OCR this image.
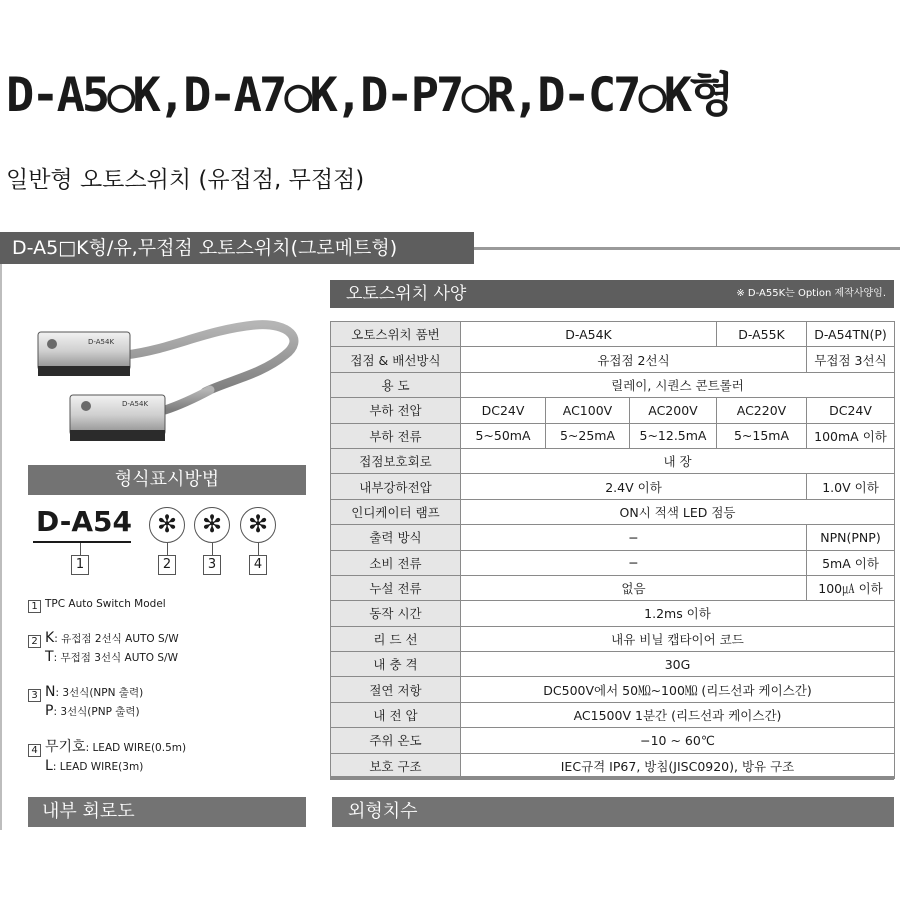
D-A5○K,D-A7○K,D-P7○R,D-C7○K형
일반형 오토스위치 (유접점, 무접점)
D-A5□K형/유,무접점 오토스위치(그로메트형)
D-A54K
D-A54K
형식표시방법
D-A54	✻	✻	✻
1	2	3	4
1 TPC Auto Switch Model
2 K: 유접점 2선식 AUTO S/W
T: 무접점 3선식 AUTO S/W
3 N: 3선식(NPN 출력)
P: 3선식(PNP 출력)
4 무기호: LEAD WIRE(0.5m)
L: LEAD WIRE(3m)
오토스위치 사양	※ D-A55K는 Option 제작사양임.
오토스위치 품번	D-A54K			D-A55K	D-A54TN(P)
접점 & 배선방식	유접점 2선식				무접점 3선식
용 도	릴레이, 시퀀스 콘트롤러				
부하 전압	DC24V	AC100V	AC200V	AC220V	DC24V
부하 전류	5~50mA	5~25mA	5~12.5mA	5~15mA	100mA 이하
접점보호회로	내 장				
내부강하전압	2.4V 이하				1.0V 이하
인디케이터 램프	ON시 적색 LED 점등				
출력 방식	−				NPN(PNP)
소비 전류	−				5mA 이하
누설 전류	없음				100㎂ 이하
동작 시간	1.2ms 이하				
리 드 선	내유 비닐 캡타이어 코드				
내 충 격	30G				
절연 저항	DC500V에서 50㏁~100㏁ (리드선과 케이스간)				
내 전 압	AC1500V 1분간 (리드선과 케이스간)				
주위 온도	−10 ~ 60℃				
보호 구조	IEC규격 IP67, 방침(JISC0920), 방유 구조				
내부 회로도	외형치수
